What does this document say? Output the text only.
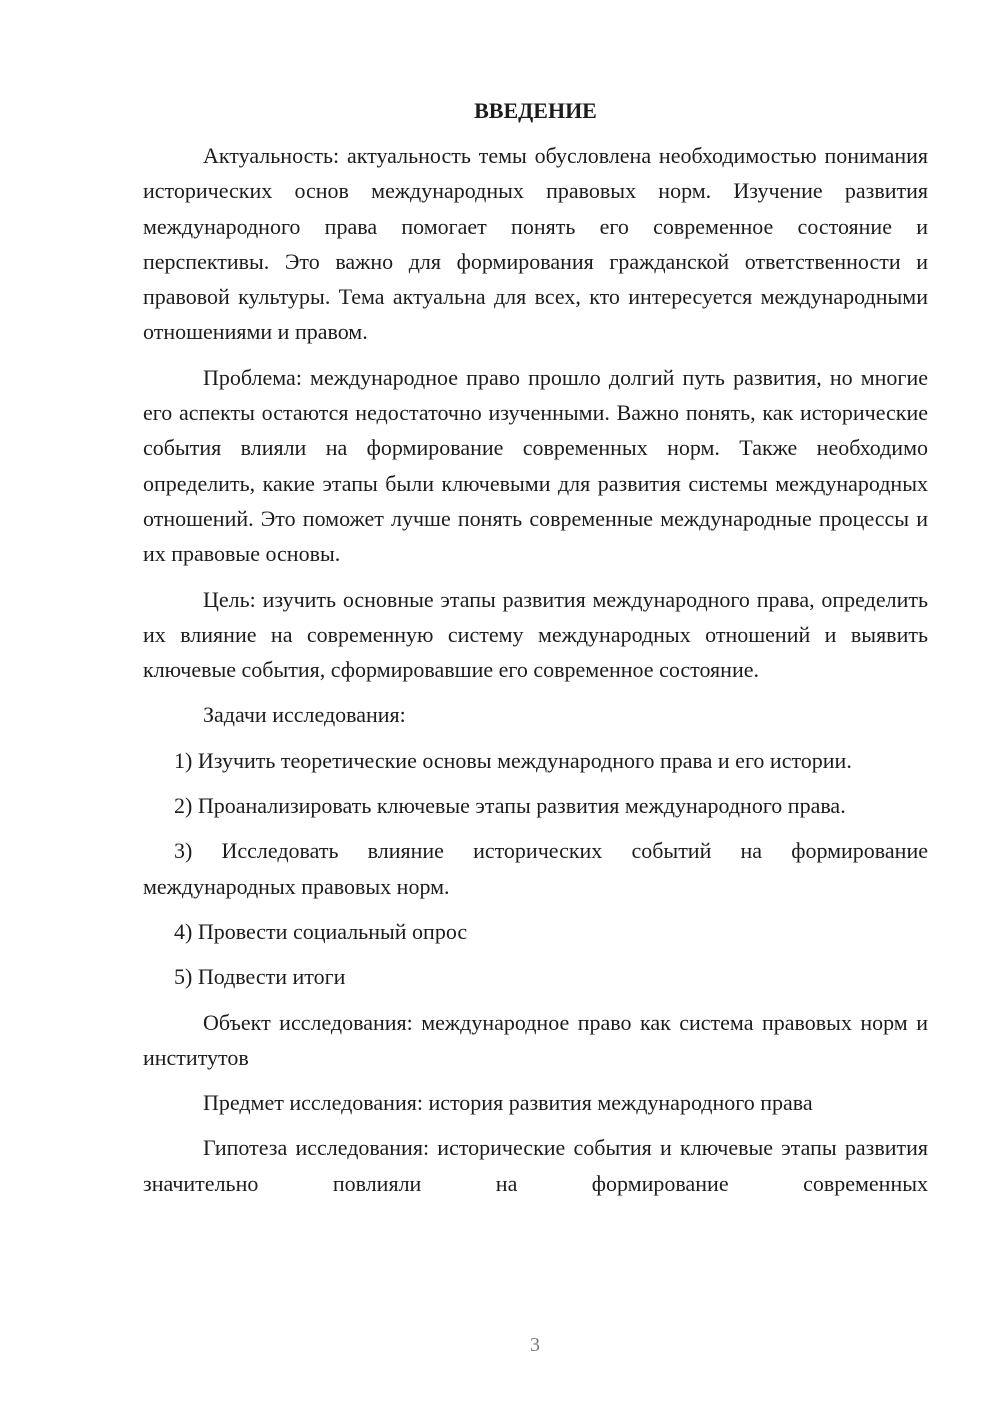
ВВЕДЕНИЕ

Актуальность: актуальность темы обусловлена необходимостью понимания исторических основ международных правовых норм. Изучение развития международного права помогает понять его современное состояние и перспективы. Это важно для формирования гражданской ответственности и правовой культуры. Тема актуальна для всех, кто интересуется международными отношениями и правом.

Проблема: международное право прошло долгий путь развития, но многие его аспекты остаются недостаточно изученными. Важно понять, как исторические события влияли на формирование современных норм. Также необходимо определить, какие этапы были ключевыми для развития системы международных отношений. Это поможет лучше понять современные международные процессы и их правовые основы.

Цель: изучить основные этапы развития международного права, определить их влияние на современную систему международных отношений и выявить ключевые события, сформировавшие его современное состояние.

Задачи исследования:

1) Изучить теоретические основы международного права и его истории.

2) Проанализировать ключевые этапы развития международного права.

3) Исследовать влияние исторических событий на формирование международных правовых норм.

4) Провести социальный опрос

5) Подвести итоги

Объект исследования: международное право как система правовых норм и институтов

Предмет исследования: история развития международного права

Гипотеза исследования: исторические события и ключевые этапы развития значительно повлияли на формирование современных

3
